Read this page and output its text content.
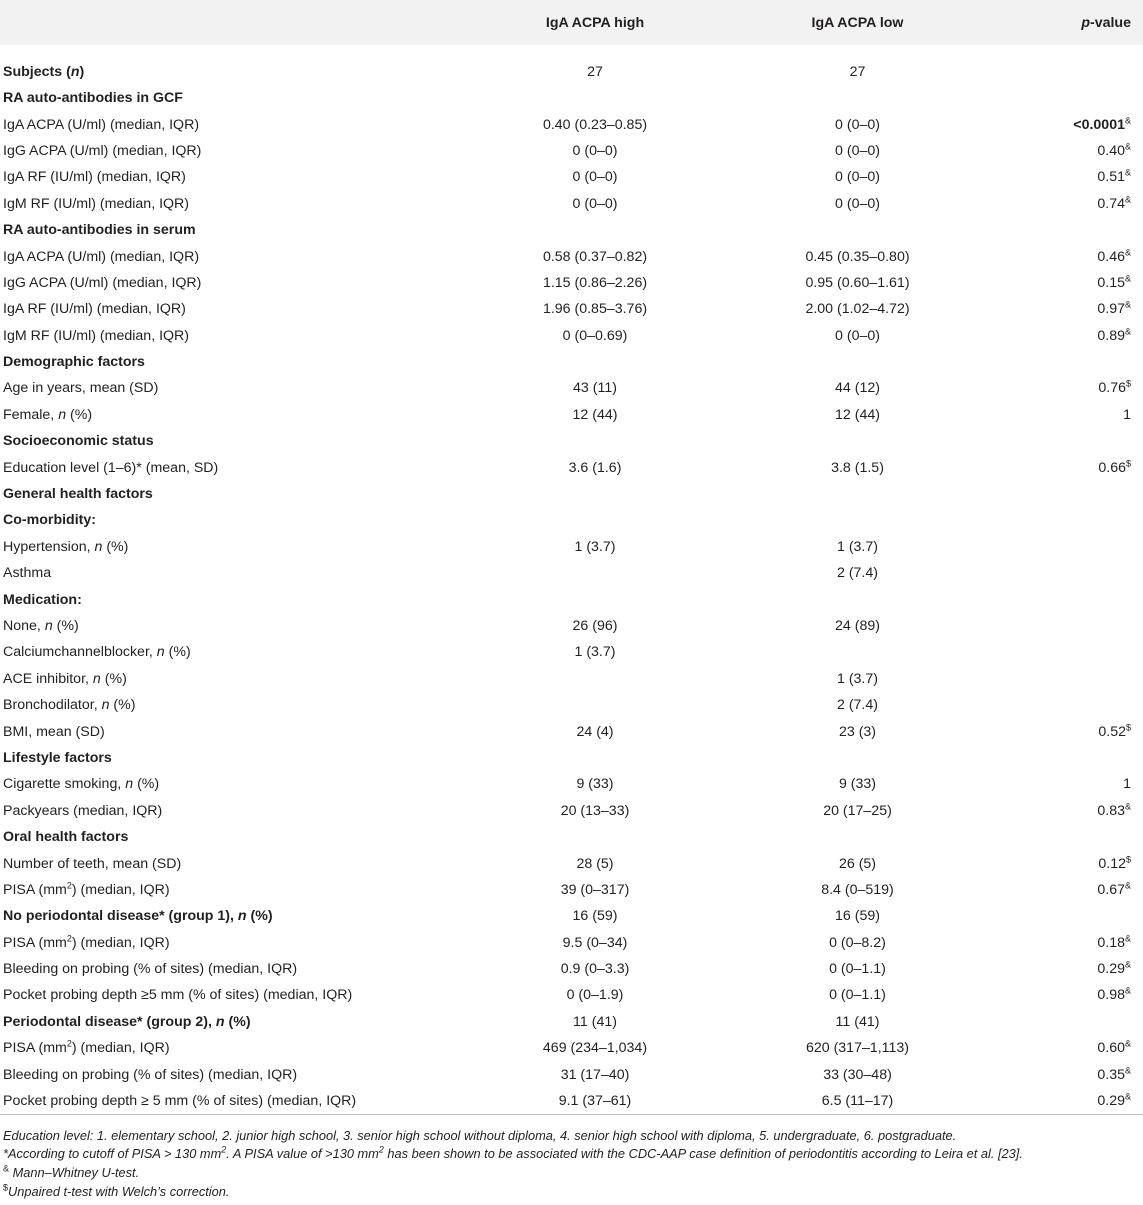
	IgA ACPA high	IgA ACPA low	p-value
Subjects (n)	27	27	
RA auto-antibodies in GCF			
IgA ACPA (U/ml) (median, IQR)	0.40 (0.23–0.85)	0 (0–0)	<0.0001&
IgG ACPA (U/ml) (median, IQR)	0 (0–0)	0 (0–0)	0.40&
IgA RF (IU/ml) (median, IQR)	0 (0–0)	0 (0–0)	0.51&
IgM RF (IU/ml) (median, IQR)	0 (0–0)	0 (0–0)	0.74&
RA auto-antibodies in serum			
IgA ACPA (U/ml) (median, IQR)	0.58 (0.37–0.82)	0.45 (0.35–0.80)	0.46&
IgG ACPA (U/ml) (median, IQR)	1.15 (0.86–2.26)	0.95 (0.60–1.61)	0.15&
IgA RF (IU/ml) (median, IQR)	1.96 (0.85–3.76)	2.00 (1.02–4.72)	0.97&
IgM RF (IU/ml) (median, IQR)	0 (0–0.69)	0 (0–0)	0.89&
Demographic factors			
Age in years, mean (SD)	43 (11)	44 (12)	0.76$
Female, n (%)	12 (44)	12 (44)	1
Socioeconomic status			
Education level (1–6)* (mean, SD)	3.6 (1.6)	3.8 (1.5)	0.66$
General health factors			
Co-morbidity:			
Hypertension, n (%)	1 (3.7)	1 (3.7)	
Asthma		2 (7.4)	
Medication:			
None, n (%)	26 (96)	24 (89)	
Calciumchannelblocker, n (%)	1 (3.7)		
ACE inhibitor, n (%)		1 (3.7)	
Bronchodilator, n (%)		2 (7.4)	
BMI, mean (SD)	24 (4)	23 (3)	0.52$
Lifestyle factors			
Cigarette smoking, n (%)	9 (33)	9 (33)	1
Packyears (median, IQR)	20 (13–33)	20 (17–25)	0.83&
Oral health factors			
Number of teeth, mean (SD)	28 (5)	26 (5)	0.12$
PISA $(mm^2)$ (median, IQR)	39 (0–317)	8.4 (0–519)	0.67&
No periodontal disease* (group 1), n (%)	16 (59)	16 (59)	
PISA $(mm^2)$ (median, IQR)	9.5 (0–34)	0 (0–8.2)	0.18&
Bleeding on probing (% of sites) (median, IQR)	0.9 (0–3.3)	0 (0–1.1)	0.29&
Pocket probing depth ≥5 mm (% of sites) (median, IQR)	0 (0–1.9)	0 (0–1.1)	0.98&
Periodontal disease* (group 2), n (%)	11 (41)	11 (41)	
PISA $(mm^2)$ (median, IQR)	469 (234–1,034)	620 (317–1,113)	0.60&
Bleeding on probing (% of sites) (median, IQR)	31 (17–40)	33 (30–48)	0.35&
Pocket probing depth ≥ 5 mm (% of sites) (median, IQR)	9.1 (37–61)	6.5 (11–17)	0.29&
Education level: 1. elementary school, 2. junior high school, 3. senior high school without diploma, 4. senior high school with diploma, 5. undergraduate, 6. postgraduate.
*According to cutoff of PISA > 130 $mm^2$. A PISA value of >130 $mm^2$ has been shown to be associated with the CDC-AAP case definition of periodontitis according to Leira et al. [23].
& Mann–Whitney U-test.
$Unpaired t-test with Welch’s correction.
